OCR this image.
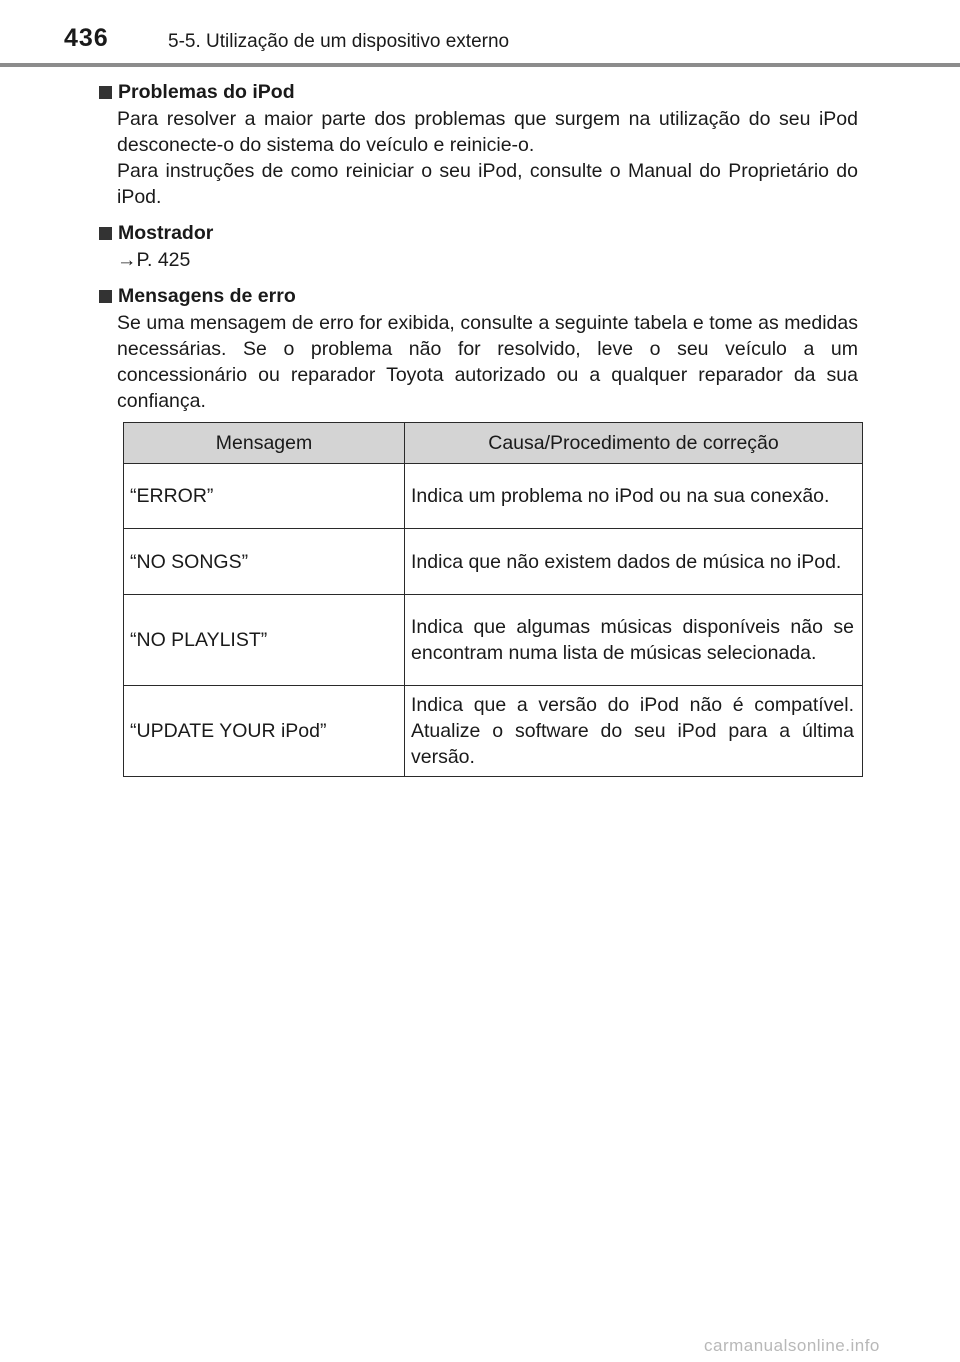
436	5-5. Utilização de um dispositivo externo
Problemas do iPod

Para resolver a maior parte dos problemas que surgem na utilização do seu iPod desconecte-o do sistema do veículo e reinicie-o.

Para instruções de como reiniciar o seu iPod, consulte o Manual do Proprietário do iPod.

Mostrador
→P. 425
Mensagens de erro

Se uma mensagem de erro for exibida, consulte a seguinte tabela e tome as medidas necessárias. Se o problema não for resolvido, leve o seu veículo a um concessionário ou reparador Toyota autorizado ou a qualquer reparador da sua confiança.

Mensagem	Causa/Procedimento de correção
“ERROR”	Indica um problema no iPod ou na sua conexão.
“NO SONGS”	Indica que não existem dados de música no iPod.
“NO PLAYLIST”	Indica que algumas músicas disponíveis não se encontram numa lista de músicas selecionada.
“UPDATE YOUR iPod”	Indica que a versão do iPod não é compatível. Atualize o software do seu iPod para a última versão.
carmanualsonline.info
